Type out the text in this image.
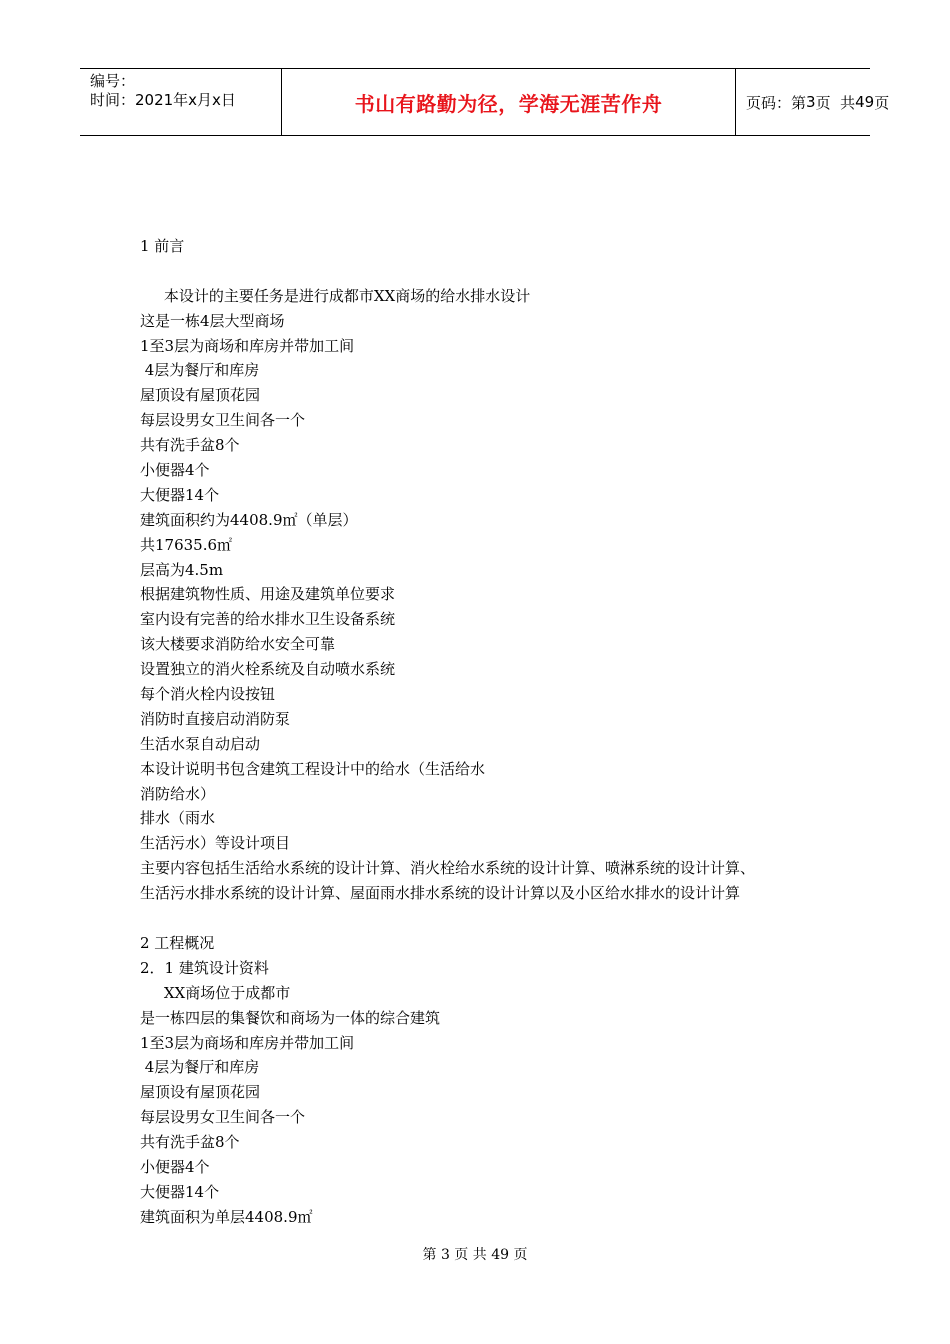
编号：
时间：2021年x月x日	书山有路勤为径，学海无涯苦作舟	页码：第 3 页  共 49 页
1 前言
本设计的主要任务是进行成都市XX商场的给水排水设计
这是一栋4层大型商场
1至3层为商场和库房并带加工间
4层为餐厅和库房
屋顶设有屋顶花园
每层设男女卫生间各一个
共有洗手盆8个
小便器4个
大便器14个
建筑面积约为4408.9㎡（单层）
共17635.6㎡
层高为4.5m
根据建筑物性质、用途及建筑单位要求
室内设有完善的给水排水卫生设备系统
该大楼要求消防给水安全可靠
设置独立的消火栓系统及自动喷水系统
每个消火栓内设按钮
消防时直接启动消防泵
生活水泵自动启动
本设计说明书包含建筑工程设计中的给水（生活给水
消防给水）
排水（雨水
生活污水）等设计项目
主要内容包括生活给水系统的设计计算、消火栓给水系统的设计计算、喷淋系统的设计计算、
生活污水排水系统的设计计算、屋面雨水排水系统的设计计算以及小区给水排水的设计计算
2 工程概况
2．1 建筑设计资料
XX商场位于成都市
是一栋四层的集餐饮和商场为一体的综合建筑
1至3层为商场和库房并带加工间
4层为餐厅和库房
屋顶设有屋顶花园
每层设男女卫生间各一个
共有洗手盆8个
小便器4个
大便器14个
建筑面积为单层4408.9㎡
第 3 页 共 49 页
